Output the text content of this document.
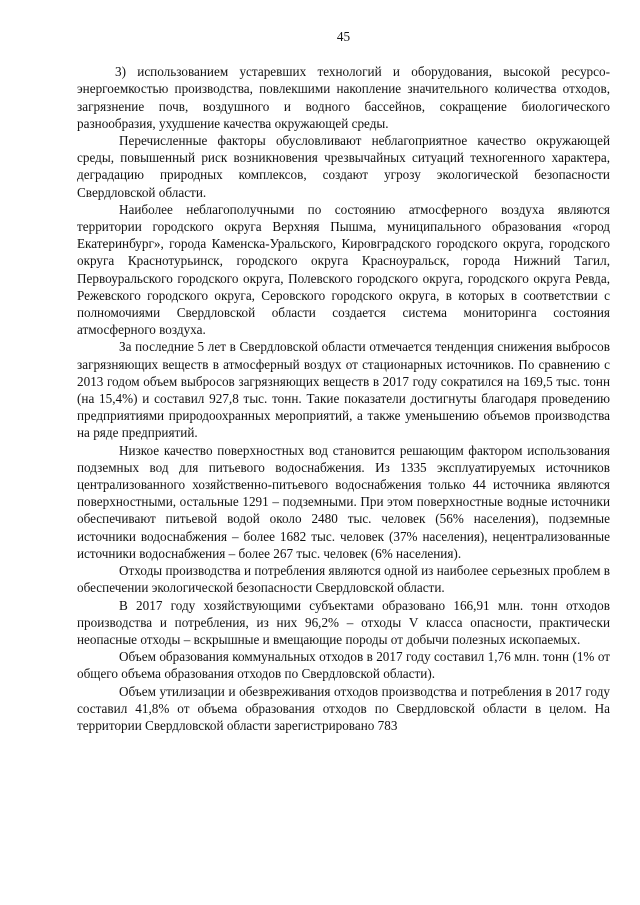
45

3) использованием устаревших технологий и оборудования, высокой ресурсо-энергоемкостью производства, повлекшими накопление значительного количества отходов, загрязнение почв, воздушного и водного бассейнов, сокращение биологического разнообразия, ухудшение качества окружающей среды.

Перечисленные факторы обусловливают неблагоприятное качество окружающей среды, повышенный риск возникновения чрезвычайных ситуаций техногенного характера, деградацию природных комплексов, создают угрозу экологической безопасности Свердловской области.

Наиболее неблагополучными по состоянию атмосферного воздуха являются территории городского округа Верхняя Пышма, муниципального образования «город Екатеринбург», города Каменска-Уральского, Кировградского городского округа, городского округа Краснотурьинск, городского округа Красноуральск, города Нижний Тагил, Первоуральского городского округа, Полевского городского округа, городского округа Ревда, Режевского городского округа, Серовского городского округа, в которых в соответствии с полномочиями Свердловской области создается система мониторинга состояния атмосферного воздуха.

За последние 5 лет в Свердловской области отмечается тенденция снижения выбросов загрязняющих веществ в атмосферный воздух от стационарных источников. По сравнению с 2013 годом объем выбросов загрязняющих веществ в 2017 году сократился на 169,5 тыс. тонн (на 15,4%) и составил 927,8 тыс. тонн. Такие показатели достигнуты благодаря проведению предприятиями природоохранных мероприятий, а также уменьшению объемов производства на ряде предприятий.

Низкое качество поверхностных вод становится решающим фактором использования подземных вод для питьевого водоснабжения. Из 1335 эксплуатируемых источников централизованного хозяйственно-питьевого водоснабжения только 44 источника являются поверхностными, остальные 1291 – подземными. При этом поверхностные водные источники обеспечивают питьевой водой около 2480 тыс. человек (56% населения), подземные источники водоснабжения – более 1682 тыс. человек (37% населения), нецентрализованные источники водоснабжения – более 267 тыс. человек (6% населения).

Отходы производства и потребления являются одной из наиболее серьезных проблем в обеспечении экологической безопасности Свердловской области.

В 2017 году хозяйствующими субъектами образовано 166,91 млн. тонн отходов производства и потребления, из них 96,2% – отходы V класса опасности, практически неопасные отходы – вскрышные и вмещающие породы от добычи полезных ископаемых.

Объем образования коммунальных отходов в 2017 году составил 1,76 млн. тонн (1% от общего объема образования отходов по Свердловской области).

Объем утилизации и обезвреживания отходов производства и потребления в 2017 году составил 41,8% от объема образования отходов по Свердловской области в целом. На территории Свердловской области зарегистрировано 783
